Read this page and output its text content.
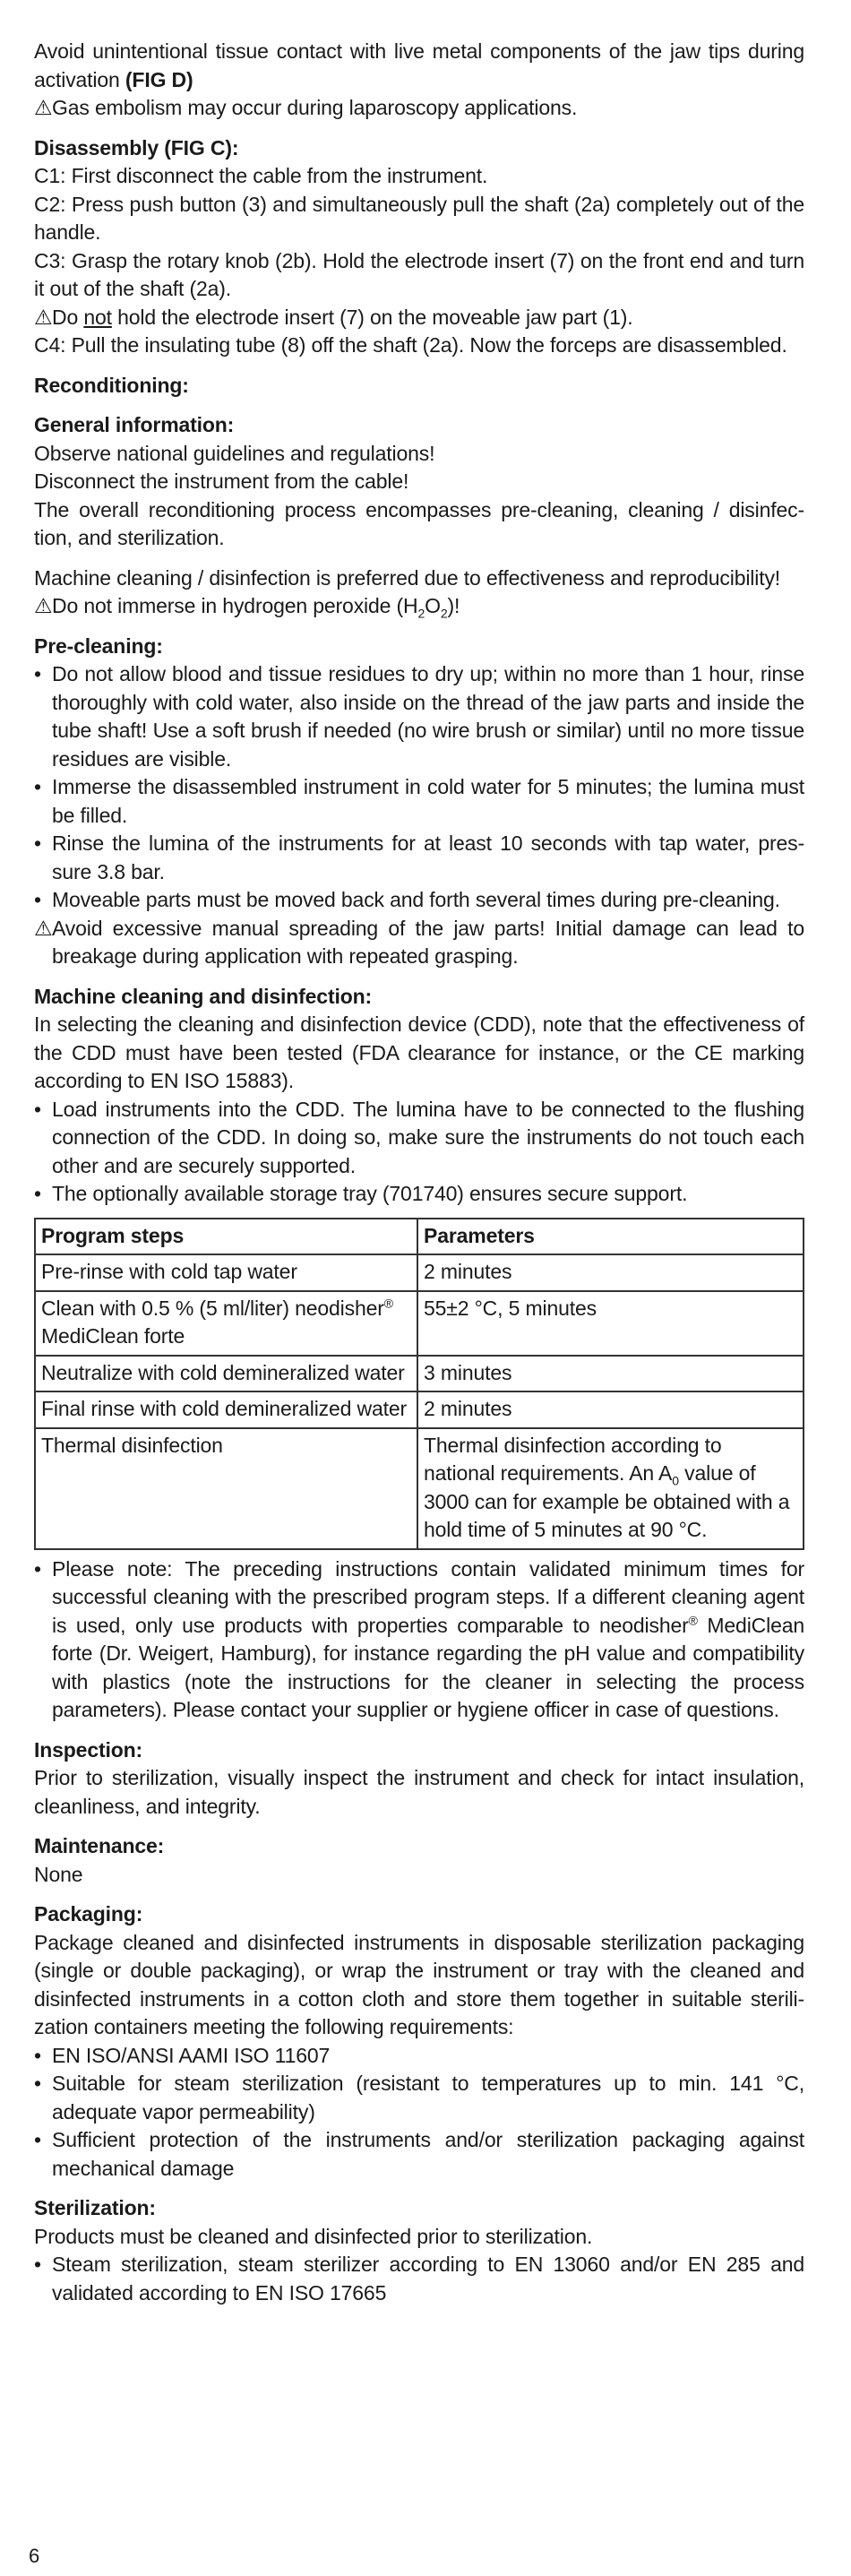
Avoid unintentional tissue contact with live metal components of the jaw tips during activation (FIG D)

⚠ Gas embolism may occur during laparoscopy applications.

Disassembly (FIG C):

C1: First disconnect the cable from the instrument.

C2: Press push button (3) and simultaneously pull the shaft (2a) completely out of the handle.

C3: Grasp the rotary knob (2b). Hold the electrode insert (7) on the front end and turn it out of the shaft (2a).

⚠ Do not hold the electrode insert (7) on the moveable jaw part (1).

C4: Pull the insulating tube (8) off the shaft (2a). Now the forceps are disassembled.

Reconditioning:

General information:

Observe national guidelines and regulations!

Disconnect the instrument from the cable!

The overall reconditioning process encompasses pre-cleaning, cleaning / disinfec-tion, and sterilization.

Machine cleaning / disinfection is preferred due to effectiveness and reproducibility!

⚠ Do not immerse in hydrogen peroxide $(H_2O_2)$!

Pre-cleaning:

• Do not allow blood and tissue residues to dry up; within no more than 1 hour, rinse thoroughly with cold water, also inside on the thread of the jaw parts and inside the tube shaft! Use a soft brush if needed (no wire brush or similar) until no more tissue residues are visible.

• Immerse the disassembled instrument in cold water for 5 minutes; the lumina must be filled.

• Rinse the lumina of the instruments for at least 10 seconds with tap water, pres-sure 3.8 bar.

• Moveable parts must be moved back and forth several times during pre-cleaning.

⚠ Avoid excessive manual spreading of the jaw parts! Initial damage can lead to breakage during application with repeated grasping.

Machine cleaning and disinfection:

In selecting the cleaning and disinfection device (CDD), note that the effectiveness of the CDD must have been tested (FDA clearance for instance, or the CE marking according to EN ISO 15883).

• Load instruments into the CDD. The lumina have to be connected to the flushing connection of the CDD. In doing so, make sure the instruments do not touch each other and are securely supported.

• The optionally available storage tray (701740) ensures secure support.

Program steps	Parameters
Pre-rinse with cold tap water	2 minutes
Clean with 0.5 % (5 ml/liter) neodisher® MediClean forte	55±2 °C, 5 minutes
Neutralize with cold demineralized water	3 minutes
Final rinse with cold demineralized water	2 minutes
Thermal disinfection	Thermal disinfection according to national requirements. An $A_0$ value of 3000 can for example be obtained with a hold time of 5 minutes at 90 °C.

• Please note: The preceding instructions contain validated minimum times for successful cleaning with the prescribed program steps. If a different cleaning agent is used, only use products with properties comparable to neodisher® MediClean forte (Dr. Weigert, Hamburg), for instance regarding the pH value and compatibility with plastics (note the instructions for the cleaner in selecting the process parameters). Please contact your supplier or hygiene officer in case of questions.

Inspection:

Prior to sterilization, visually inspect the instrument and check for intact insulation, cleanliness, and integrity.

Maintenance:

None

Packaging:

Package cleaned and disinfected instruments in disposable sterilization packaging (single or double packaging), or wrap the instrument or tray with the cleaned and disinfected instruments in a cotton cloth and store them together in suitable sterili-zation containers meeting the following requirements:

• EN ISO/ANSI AAMI ISO 11607

• Suitable for steam sterilization (resistant to temperatures up to min. 141 °C, adequate vapor permeability)

• Sufficient protection of the instruments and/or sterilization packaging against mechanical damage

Sterilization:

Products must be cleaned and disinfected prior to sterilization.

• Steam sterilization, steam sterilizer according to EN 13060 and/or EN 285 and validated according to EN ISO 17665

6
